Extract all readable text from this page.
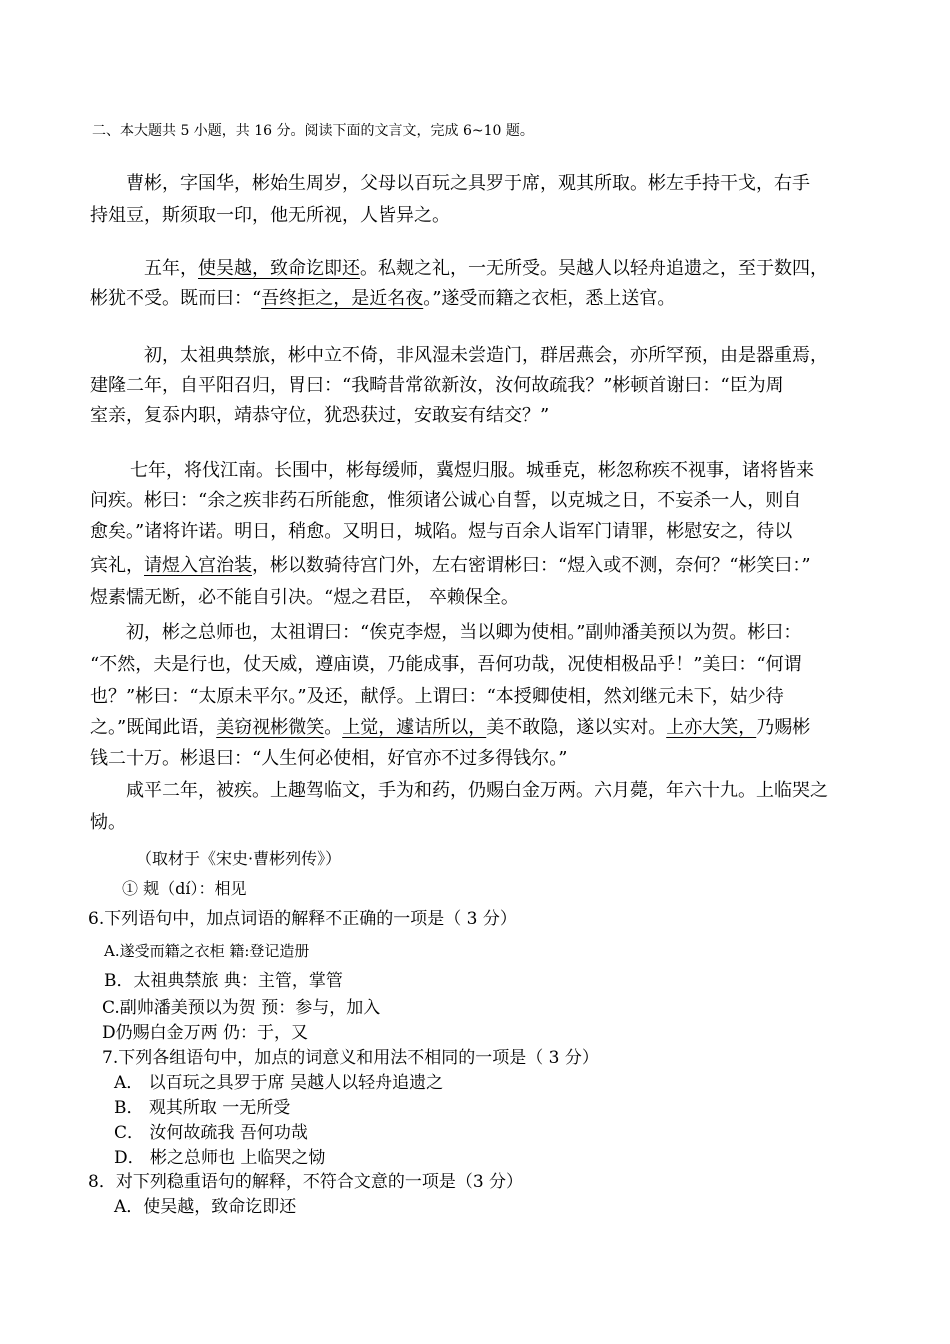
二、本大题共 5 小题，共 16 分。阅读下面的文言文，完成 6~10 题。
曹彬，字国华，彬始生周岁，父母以百玩之具罗于席，观其所取。彬左手持干戈，右手
持俎豆，斯须取一印，他无所视，人皆异之。
五年，使吴越，致命讫即还。私觌之礼，一无所受。吴越人以轻舟追遗之，至于数四，
彬犹不受。既而曰：“吾终拒之，是近名夜。”遂受而籍之衣柜，悉上送官。
初，太祖典禁旅，彬中立不倚，非风湿未尝造门，群居燕会，亦所罕预，由是器重焉，
建隆二年，自平阳召归，胃曰：“我畸昔常欲新汝，汝何故疏我？”彬顿首谢曰：“臣为周
室亲，复忝内职，靖恭守位，犹恐获过，安敢妄有结交？”
七年，将伐江南。长围中，彬每缓师，冀煜归服。城垂克，彬忽称疾不视事，诸将皆来
问疾。彬曰：“余之疾非药石所能愈，惟须诸公诚心自誓，以克城之日，不妄杀一人，则自
愈矣。”诸将许诺。明日，稍愈。又明日，城陷。煜与百余人诣军门请罪，彬慰安之，待以
宾礼，请煜入宫治装，彬以数骑待宫门外，左右密谓彬曰：“煜入或不测，奈何？“彬笑曰：”
煜素懦无断，必不能自引决。“煜之君臣， 卒赖保全。
初，彬之总师也，太祖谓曰：“俟克李煜，当以卿为使相。”副帅潘美预以为贺。彬曰：
“不然，夫是行也，仗天威，遵庙谟，乃能成事，吾何功哉，况使相极品乎！”美曰：“何谓
也？”彬曰：“太原未平尔。”及还，献俘。上谓曰：“本授卿使相，然刘继元未下，姑少待
之。”既闻此语，美窃视彬微笑。上觉，遽诘所以，美不敢隐，遂以实对。上亦大笑，乃赐彬
钱二十万。彬退曰：“人生何必使相，好官亦不过多得钱尔。”
咸平二年，被疾。上趣驾临文，手为和药，仍赐白金万两。六月薨，年六十九。上临哭之
恸。
（取材于《宋史·曹彬列传》）
① 觌（dí）：相见
6.下列语句中，加点词语的解释不正确的一项是（ 3 分）
A.遂受而籍之衣柜 籍:登记造册
B．太祖典禁旅 典：主管，掌管
C.副帅潘美预以为贺 预：参与，加入
D仍赐白金万两 仍：于，又
7.下列各组语句中，加点的词意义和用法不相同的一项是（ 3 分）
A． 以百玩之具罗于席 吴越人以轻舟追遗之
B． 观其所取 一无所受
C． 汝何故疏我 吾何功哉
D． 彬之总师也 上临哭之恸
8．对下列稳重语句的解释，不符合文意的一项是（3 分）
A．使吴越，致命讫即还
